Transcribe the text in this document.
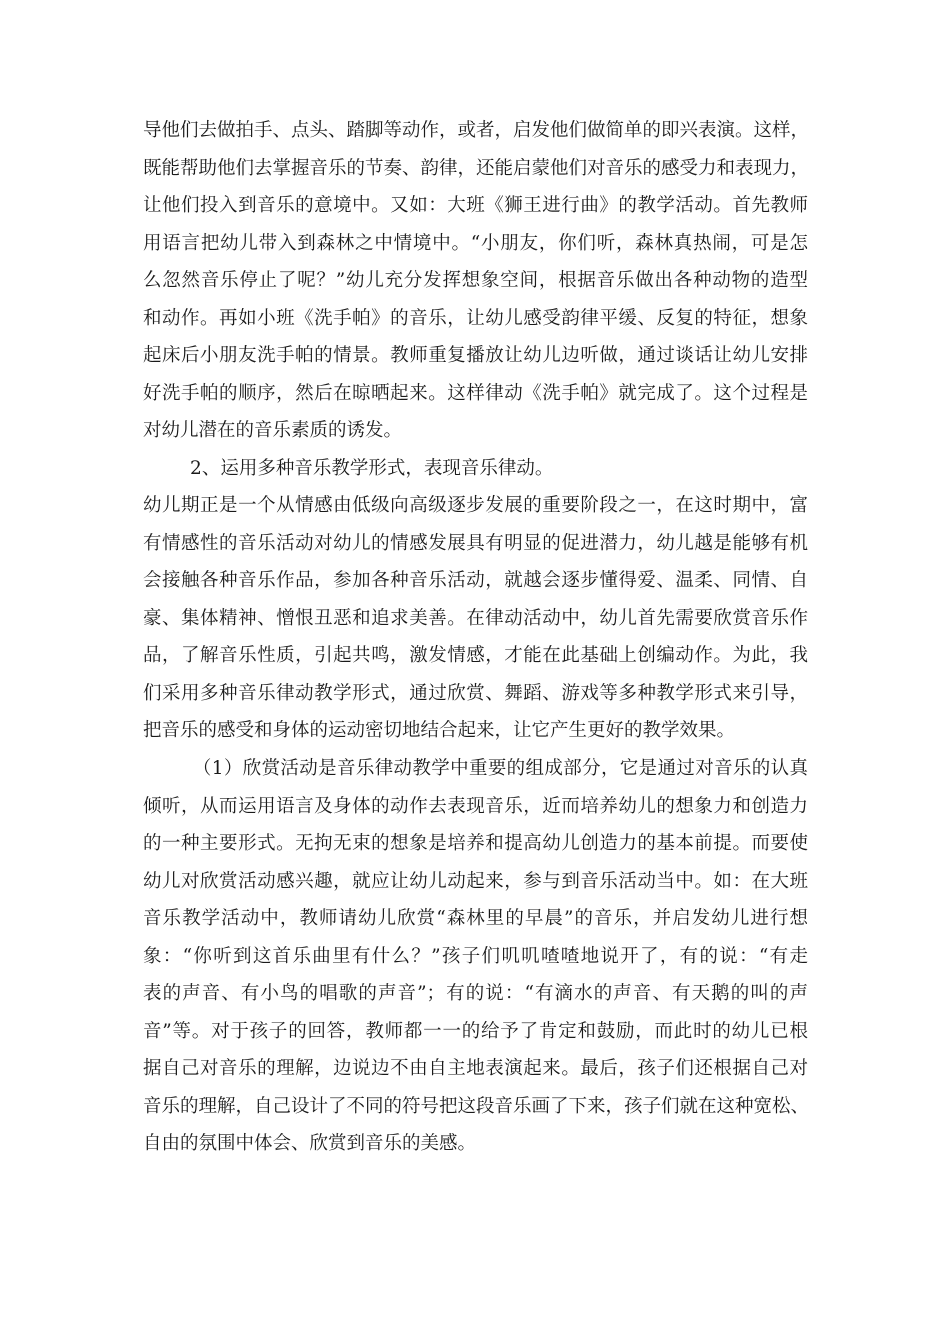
导他们去做拍手、点头、踏脚等动作，或者，启发他们做简单的即兴表演。这样，
既能帮助他们去掌握音乐的节奏、韵律，还能启蒙他们对音乐的感受力和表现力，
让他们投入到音乐的意境中。又如：大班《狮王进行曲》的教学活动。首先教师
用语言把幼儿带入到森林之中情境中。“小朋友，你们听，森林真热闹，可是怎
么忽然音乐停止了呢？”幼儿充分发挥想象空间，根据音乐做出各种动物的造型
和动作。再如小班《洗手帕》的音乐，让幼儿感受韵律平缓、反复的特征，想象
起床后小朋友洗手帕的情景。教师重复播放让幼儿边听做，通过谈话让幼儿安排
好洗手帕的顺序，然后在晾晒起来。这样律动《洗手帕》就完成了。这个过程是
对幼儿潜在的音乐素质的诱发。
2、运用多种音乐教学形式，表现音乐律动。
幼儿期正是一个从情感由低级向高级逐步发展的重要阶段之一，在这时期中，富
有情感性的音乐活动对幼儿的情感发展具有明显的促进潜力，幼儿越是能够有机
会接触各种音乐作品，参加各种音乐活动，就越会逐步懂得爱、温柔、同情、自
豪、集体精神、憎恨丑恶和追求美善。在律动活动中，幼儿首先需要欣赏音乐作
品，了解音乐性质，引起共鸣，激发情感，才能在此基础上创编动作。为此，我
们采用多种音乐律动教学形式，通过欣赏、舞蹈、游戏等多种教学形式来引导，
把音乐的感受和身体的运动密切地结合起来，让它产生更好的教学效果。
（1）欣赏活动是音乐律动教学中重要的组成部分，它是通过对音乐的认真
倾听，从而运用语言及身体的动作去表现音乐，近而培养幼儿的想象力和创造力
的一种主要形式。无拘无束的想象是培养和提高幼儿创造力的基本前提。而要使
幼儿对欣赏活动感兴趣，就应让幼儿动起来，参与到音乐活动当中。如：在大班
音乐教学活动中，教师请幼儿欣赏“森林里的早晨”的音乐，并启发幼儿进行想
象：“你听到这首乐曲里有什么？”孩子们叽叽喳喳地说开了，有的说：“有走
表的声音、有小鸟的唱歌的声音”；有的说：“有滴水的声音、有天鹅的叫的声
音”等。对于孩子的回答，教师都一一的给予了肯定和鼓励，而此时的幼儿已根
据自己对音乐的理解，边说边不由自主地表演起来。最后，孩子们还根据自己对
音乐的理解，自己设计了不同的符号把这段音乐画了下来，孩子们就在这种宽松、
自由的氛围中体会、欣赏到音乐的美感。
